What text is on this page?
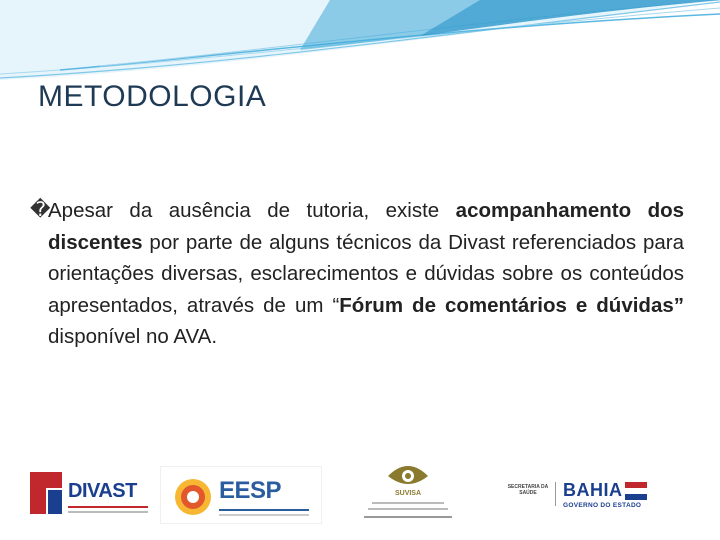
METODOLOGIA
�
Apesar da ausência de tutoria, existe acompanhamento dos discentes por parte de alguns técnicos da Divast referenciados para orientações diversas, esclarecimentos e dúvidas sobre os conteúdos apresentados, através de um “Fórum de comentários e dúvidas” disponível no AVA.

DIVAST	EESP	SUVISA
SECRETARIA DA SAÚDE	BAHIA
GOVERNO DO ESTADO
